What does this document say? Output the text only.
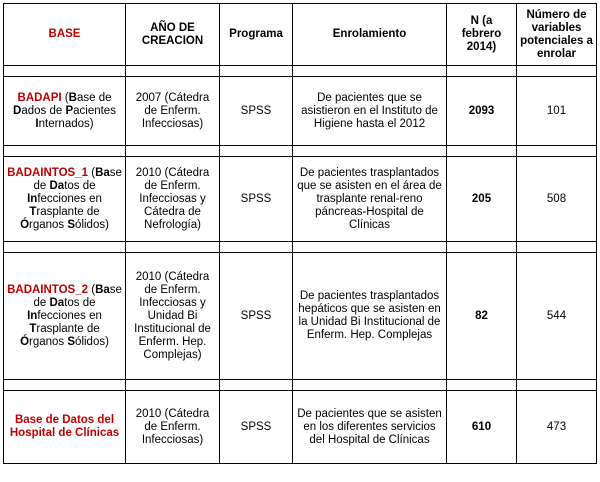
BASE	AÑO DE CREACION	Programa	Enrolamiento	N (a febrero 2014)	Número de variables potenciales a enrolar

BADAPI (Base de Dados de Pacientes Internados)	2007 (Cátedra de Enferm. Infecciosas)	SPSS	De pacientes que se asistieron en el Instituto de Higiene hasta el 2012	2093	101

BADAINTOS_1 (Base de Datos de Infecciones en Trasplante de Órganos Sólidos)	2010 (Cátedra de Enferm. Infecciosas y Cátedra de Nefrología)	SPSS	De pacientes trasplantados que se asisten en el área de trasplante renal-reno páncreas-Hospital de Clínicas	205	508

BADAINTOS_2 (Base de Datos de Infecciones en Trasplante de Órganos Sólidos)	2010 (Cátedra de Enferm. Infecciosas y Unidad Bi Institucional de Enferm. Hep. Complejas)	SPSS	De pacientes trasplantados hepáticos que se asisten en la Unidad Bi Institucional de Enferm. Hep. Complejas	82	544

Base de Datos del Hospital de Clínicas	2010 (Cátedra de Enferm. Infecciosas)	SPSS	De pacientes que se asisten en los diferentes servicios del Hospital de Clínicas	610	473
